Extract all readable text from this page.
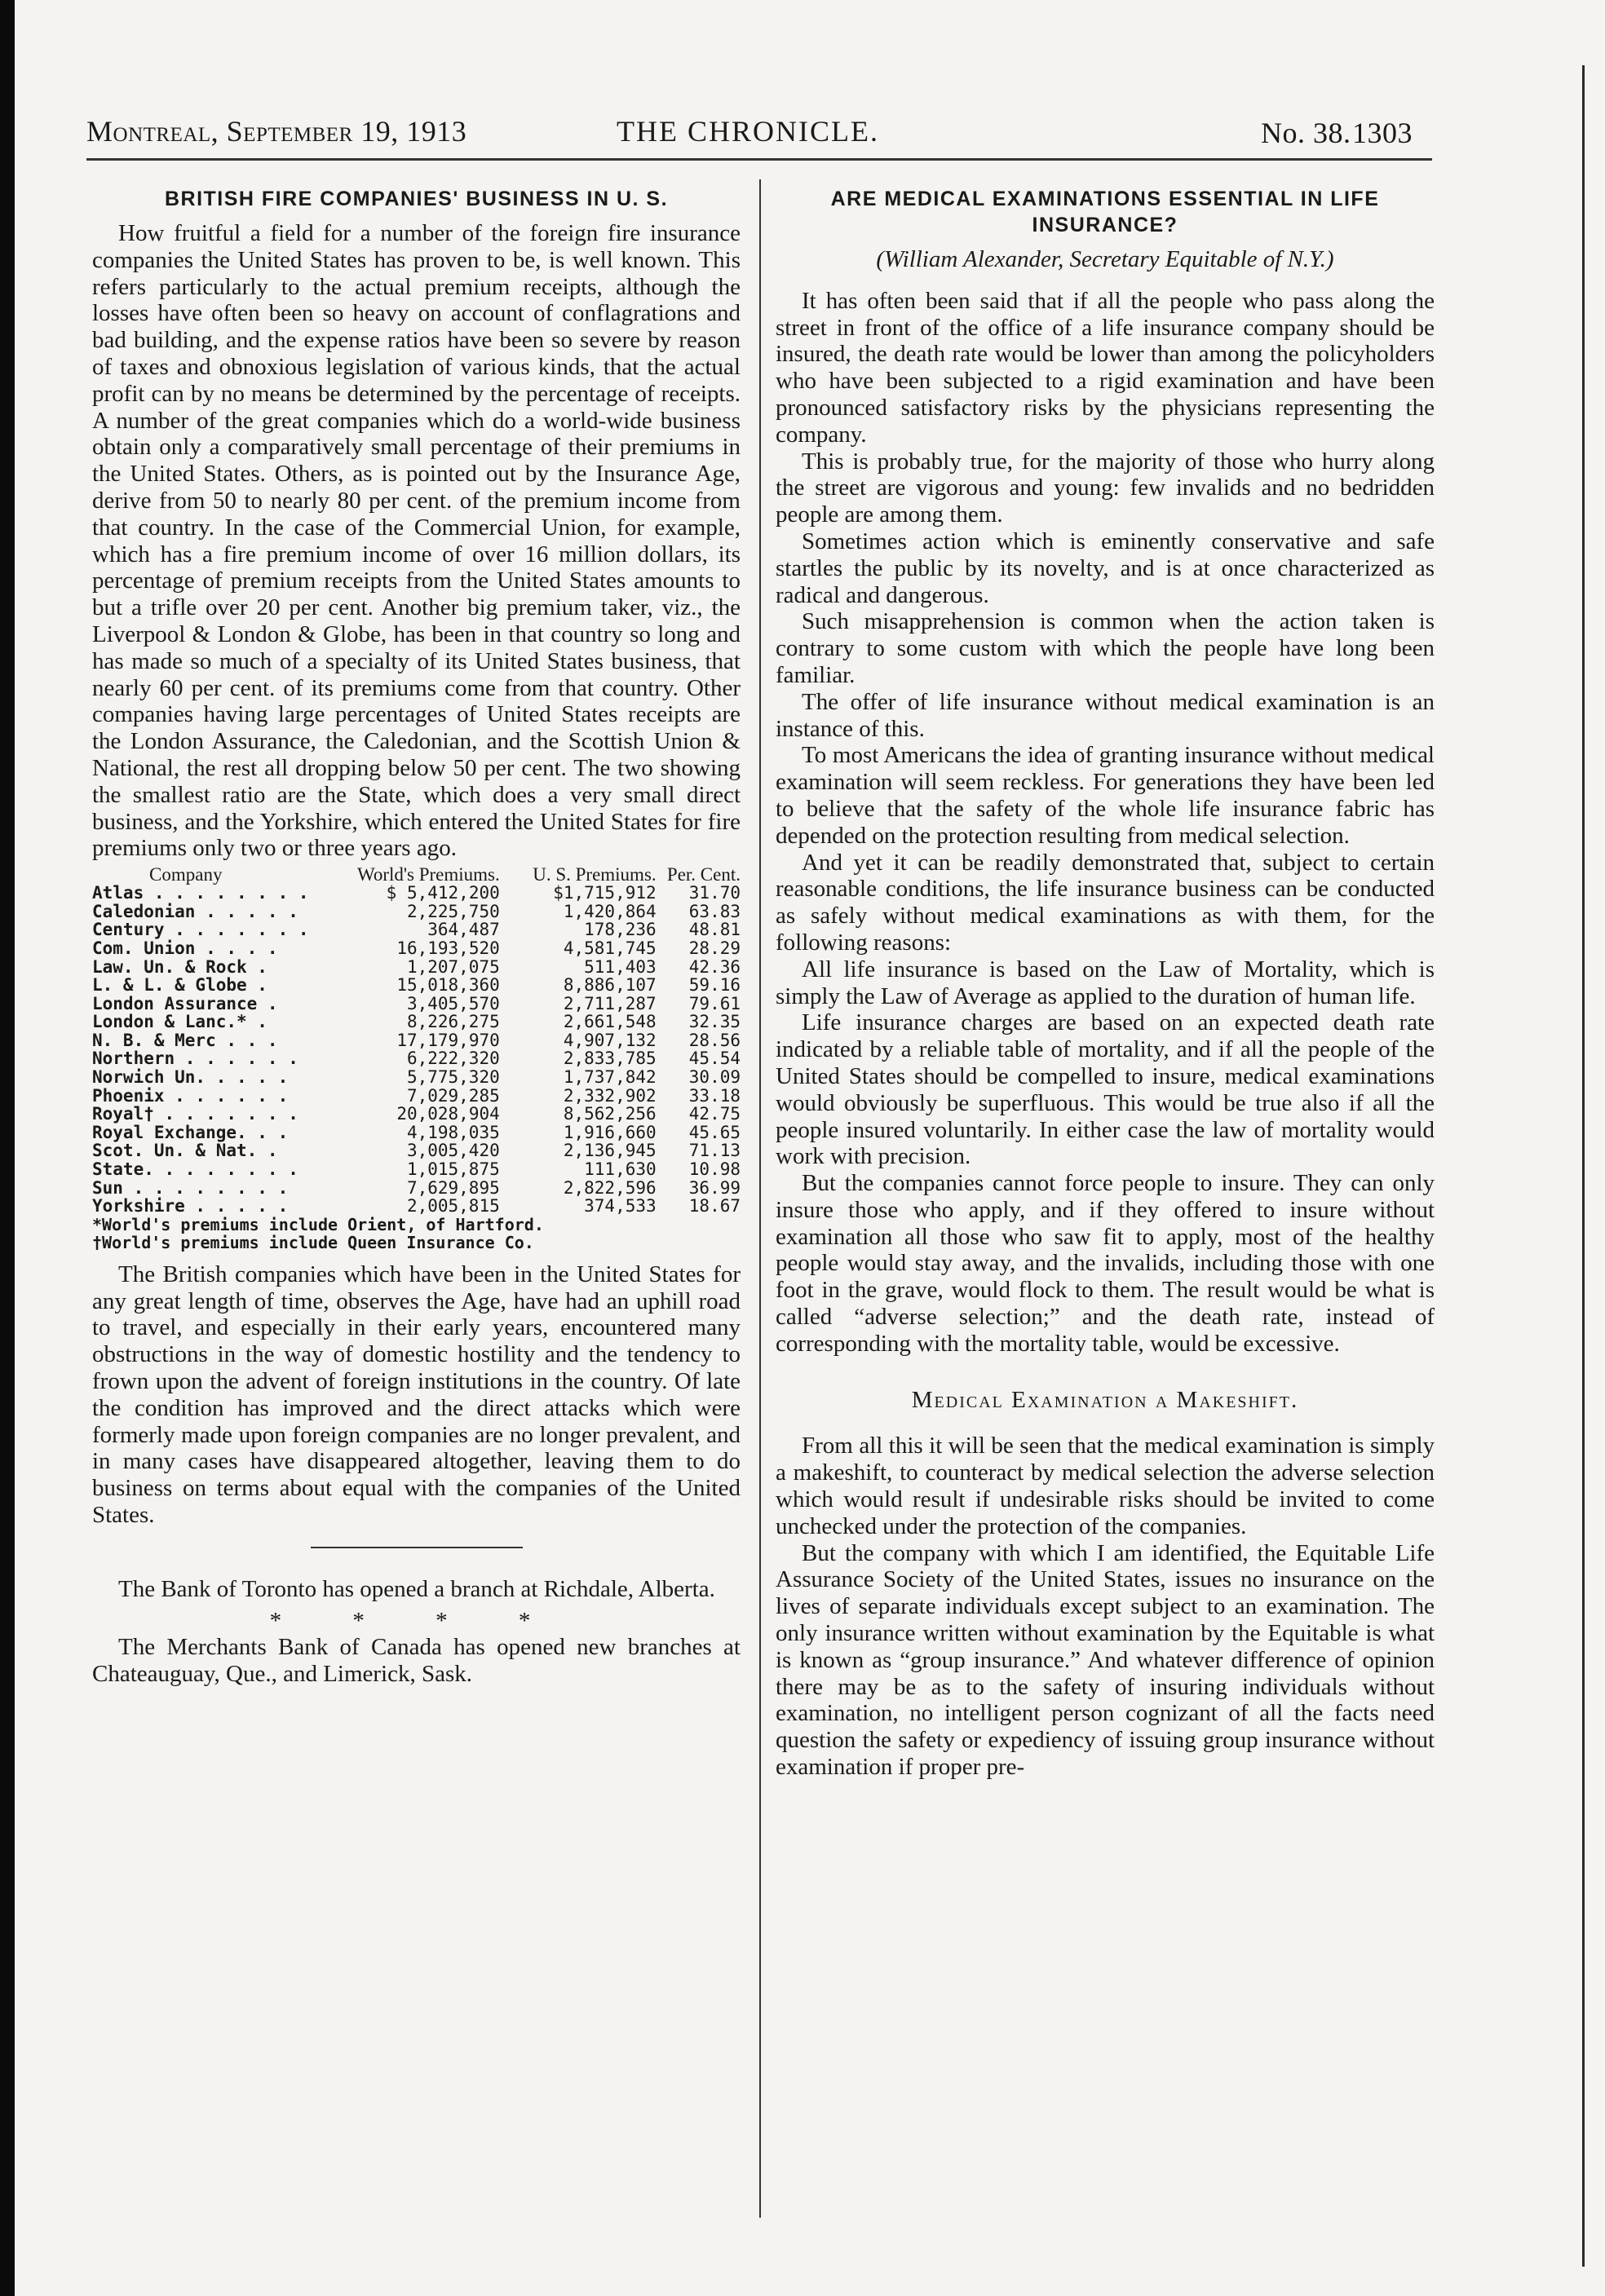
Montreal, September 19, 1913	THE CHRONICLE.	No. 38. 1303
BRITISH FIRE COMPANIES' BUSINESS IN U. S.

How fruitful a field for a number of the foreign fire insurance companies the United States has proven to be, is well known. This refers particularly to the actual premium receipts, although the losses have often been so heavy on account of conflagrations and bad building, and the expense ratios have been so severe by reason of taxes and obnoxious legislation of various kinds, that the actual profit can by no means be determined by the percentage of receipts. A number of the great companies which do a world-wide business obtain only a comparatively small percentage of their premiums in the United States. Others, as is pointed out by the Insurance Age, derive from 50 to nearly 80 per cent. of the premium income from that country. In the case of the Commercial Union, for example, which has a fire premium income of over 16 million dollars, its percentage of premium receipts from the United States amounts to but a trifle over 20 per cent. Another big premium taker, viz., the Liverpool & London & Globe, has been in that country so long and has made so much of a specialty of its United States business, that nearly 60 per cent. of its premiums come from that country. Other companies having large percentages of United States receipts are the London Assurance, the Caledonian, and the Scottish Union & National, the rest all dropping below 50 per cent. The two showing the smallest ratio are the State, which does a very small direct business, and the Yorkshire, which entered the United States for fire premiums only two or three years ago.

Company	World's Premiums.	U. S. Premiums.	Per. Cent.
Atlas . . . . . . . .	$ 5,412,200	$1,715,912	31.70
Caledonian . . . . .	2,225,750	1,420,864	63.83
Century . . . . . . .	364,487	178,236	48.81
Com. Union . . . .	16,193,520	4,581,745	28.29
Law. Un. & Rock .	1,207,075	511,403	42.36
L. & L. & Globe .	15,018,360	8,886,107	59.16
London Assurance .	3,405,570	2,711,287	79.61
London & Lanc.* .	8,226,275	2,661,548	32.35
N. B. & Merc . . .	17,179,970	4,907,132	28.56
Northern . . . . . .	6,222,320	2,833,785	45.54
Norwich Un. . . . .	5,775,320	1,737,842	30.09
Phoenix . . . . . .	7,029,285	2,332,902	33.18
Royal† . . . . . . .	20,028,904	8,562,256	42.75
Royal Exchange. . .	4,198,035	1,916,660	45.65
Scot. Un. & Nat. .	3,005,420	2,136,945	71.13
State. . . . . . . .	1,015,875	111,630	10.98
Sun . . . . . . . .	7,629,895	2,822,596	36.99
Yorkshire . . . . .	2,005,815	374,533	18.67

*World's premiums include Orient, of Hartford.

†World's premiums include Queen Insurance Co.

The British companies which have been in the United States for any great length of time, observes the Age, have had an uphill road to travel, and especially in their early years, encountered many obstructions in the way of domestic hostility and the tendency to frown upon the advent of foreign institutions in the country. Of late the condition has improved and the direct attacks which were formerly made upon foreign companies are no longer prevalent, and in many cases have disappeared altogether, leaving them to do business on terms about equal with the companies of the United States.

The Bank of Toronto has opened a branch at Richdale, Alberta.

* * * *

The Merchants Bank of Canada has opened new branches at Chateauguay, Que., and Limerick, Sask.

ARE MEDICAL EXAMINATIONS ESSENTIAL IN LIFE INSURANCE?
(William Alexander, Secretary Equitable of N.Y.)

It has often been said that if all the people who pass along the street in front of the office of a life insurance company should be insured, the death rate would be lower than among the policyholders who have been subjected to a rigid examination and have been pronounced satisfactory risks by the physicians representing the company.

This is probably true, for the majority of those who hurry along the street are vigorous and young: few invalids and no bedridden people are among them.

Sometimes action which is eminently conservative and safe startles the public by its novelty, and is at once characterized as radical and dangerous.

Such misapprehension is common when the action taken is contrary to some custom with which the people have long been familiar.

The offer of life insurance without medical examination is an instance of this.

To most Americans the idea of granting insurance without medical examination will seem reckless. For generations they have been led to believe that the safety of the whole life insurance fabric has depended on the protection resulting from medical selection.

And yet it can be readily demonstrated that, subject to certain reasonable conditions, the life insurance business can be conducted as safely without medical examinations as with them, for the following reasons:

All life insurance is based on the Law of Mortality, which is simply the Law of Average as applied to the duration of human life.

Life insurance charges are based on an expected death rate indicated by a reliable table of mortality, and if all the people of the United States should be compelled to insure, medical examinations would obviously be superfluous. This would be true also if all the people insured voluntarily. In either case the law of mortality would work with precision.

But the companies cannot force people to insure. They can only insure those who apply, and if they offered to insure without examination all those who saw fit to apply, most of the healthy people would stay away, and the invalids, including those with one foot in the grave, would flock to them. The result would be what is called “adverse selection;” and the death rate, instead of corresponding with the mortality table, would be excessive.

Medical Examination a Makeshift.

From all this it will be seen that the medical examination is simply a makeshift, to counteract by medical selection the adverse selection which would result if undesirable risks should be invited to come unchecked under the protection of the companies.

But the company with which I am identified, the Equitable Life Assurance Society of the United States, issues no insurance on the lives of separate individuals except subject to an examination. The only insurance written without examination by the Equitable is what is known as “group insurance.” And whatever difference of opinion there may be as to the safety of insuring individuals without examination, no intelligent person cognizant of all the facts need question the safety or expediency of issuing group insurance without examination if proper pre-
